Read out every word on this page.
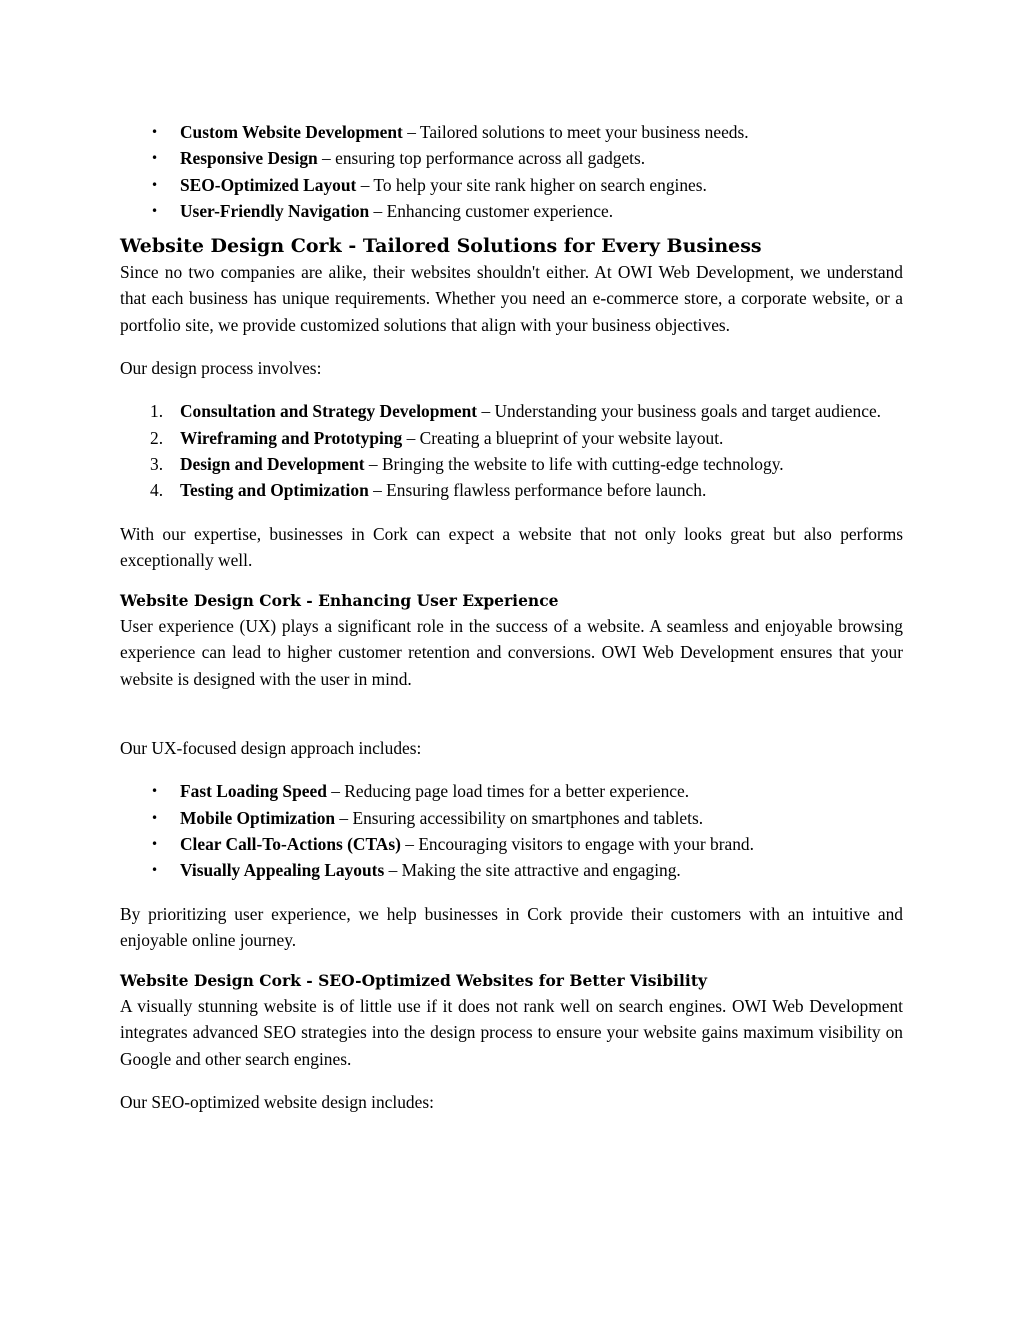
• Custom Website Development – Tailored solutions to meet your business needs.
• Responsive Design – ensuring top performance across all gadgets.
• SEO-Optimized Layout – To help your site rank higher on search engines.
• User-Friendly Navigation – Enhancing customer experience.
Website Design Cork - Tailored Solutions for Every Business

Since no two companies are alike, their websites shouldn't either. At OWI Web Development, we understand that each business has unique requirements. Whether you need an e-commerce store, a corporate website, or a portfolio site, we provide customized solutions that align with your business objectives.

Our design process involves:

1. Consultation and Strategy Development – Understanding your business goals and target audience.
2. Wireframing and Prototyping – Creating a blueprint of your website layout.
3. Design and Development – Bringing the website to life with cutting-edge technology.
4. Testing and Optimization – Ensuring flawless performance before launch.

With our expertise, businesses in Cork can expect a website that not only looks great but also performs exceptionally well.

Website Design Cork - Enhancing User Experience

User experience (UX) plays a significant role in the success of a website. A seamless and enjoyable browsing experience can lead to higher customer retention and conversions. OWI Web Development ensures that your website is designed with the user in mind.

Our UX-focused design approach includes:

• Fast Loading Speed – Reducing page load times for a better experience.
• Mobile Optimization – Ensuring accessibility on smartphones and tablets.
• Clear Call-To-Actions (CTAs) – Encouraging visitors to engage with your brand.
• Visually Appealing Layouts – Making the site attractive and engaging.

By prioritizing user experience, we help businesses in Cork provide their customers with an intuitive and enjoyable online journey.

Website Design Cork - SEO-Optimized Websites for Better Visibility

A visually stunning website is of little use if it does not rank well on search engines. OWI Web Development integrates advanced SEO strategies into the design process to ensure your website gains maximum visibility on Google and other search engines.

Our SEO-optimized website design includes:
